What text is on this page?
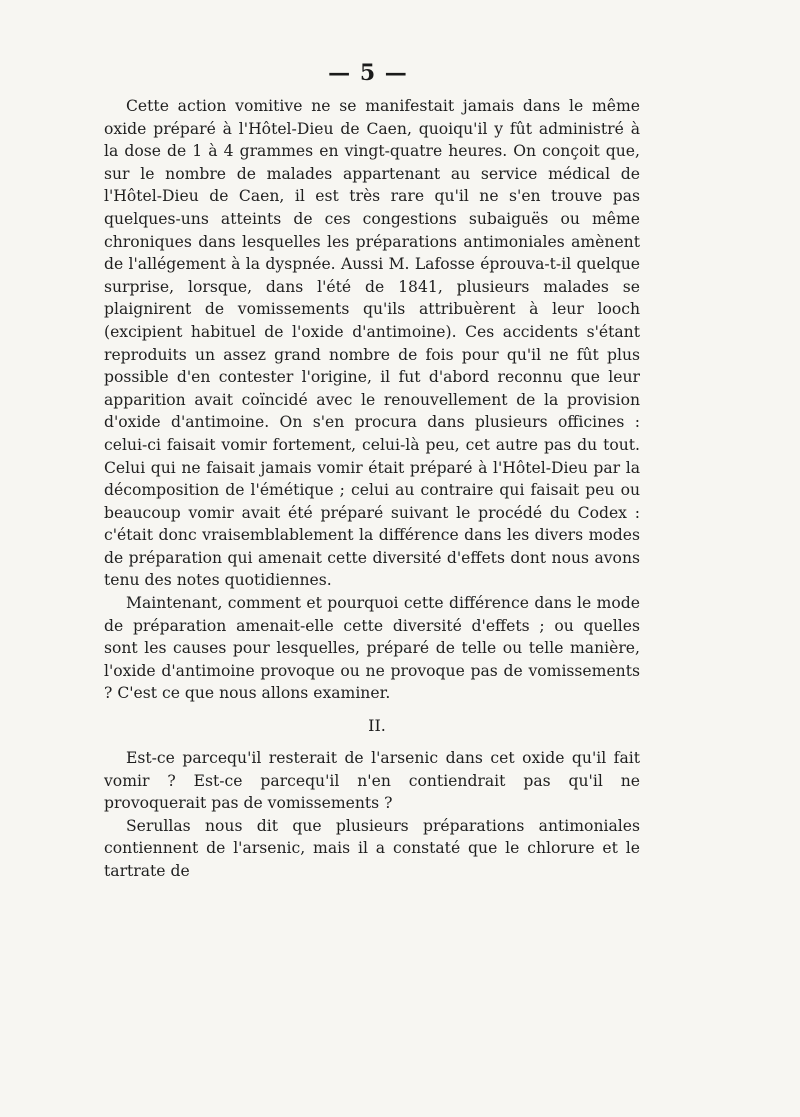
— 5 —

Cette action vomitive ne se manifestait jamais dans le même oxide préparé à l'Hôtel-Dieu de Caen, quoiqu'il y fût administré à la dose de 1 à 4 grammes en vingt-quatre heures. On conçoit que, sur le nombre de malades appartenant au service médical de l'Hôtel-Dieu de Caen, il est très rare qu'il ne s'en trouve pas quelques-uns atteints de ces congestions subaiguës ou même chroniques dans lesquelles les préparations antimoniales amènent de l'allégement à la dyspnée. Aussi M. Lafosse éprouva-t-il quelque surprise, lorsque, dans l'été de 1841, plusieurs malades se plaignirent de vomissements qu'ils attribuèrent à leur looch (excipient habituel de l'oxide d'antimoine). Ces accidents s'étant reproduits un assez grand nombre de fois pour qu'il ne fût plus possible d'en contester l'origine, il fut d'abord reconnu que leur apparition avait coïncidé avec le renouvellement de la provision d'oxide d'antimoine. On s'en procura dans plusieurs officines : celui-ci faisait vomir fortement, celui-là peu, cet autre pas du tout. Celui qui ne faisait jamais vomir était préparé à l'Hôtel-Dieu par la décomposition de l'émétique ; celui au contraire qui faisait peu ou beaucoup vomir avait été préparé suivant le procédé du Codex : c'était donc vraisemblablement la différence dans les divers modes de préparation qui amenait cette diversité d'effets dont nous avons tenu des notes quotidiennes.

Maintenant, comment et pourquoi cette différence dans le mode de préparation amenait-elle cette diversité d'effets ; ou quelles sont les causes pour lesquelles, préparé de telle ou telle manière, l'oxide d'antimoine provoque ou ne provoque pas de vomissements ? C'est ce que nous allons examiner.

II.

Est-ce parcequ'il resterait de l'arsenic dans cet oxide qu'il fait vomir ? Est-ce parcequ'il n'en contiendrait pas qu'il ne provoquerait pas de vomissements ?

Serullas nous dit que plusieurs préparations antimoniales contiennent de l'arsenic, mais il a constaté que le chlorure et le tartrate de
